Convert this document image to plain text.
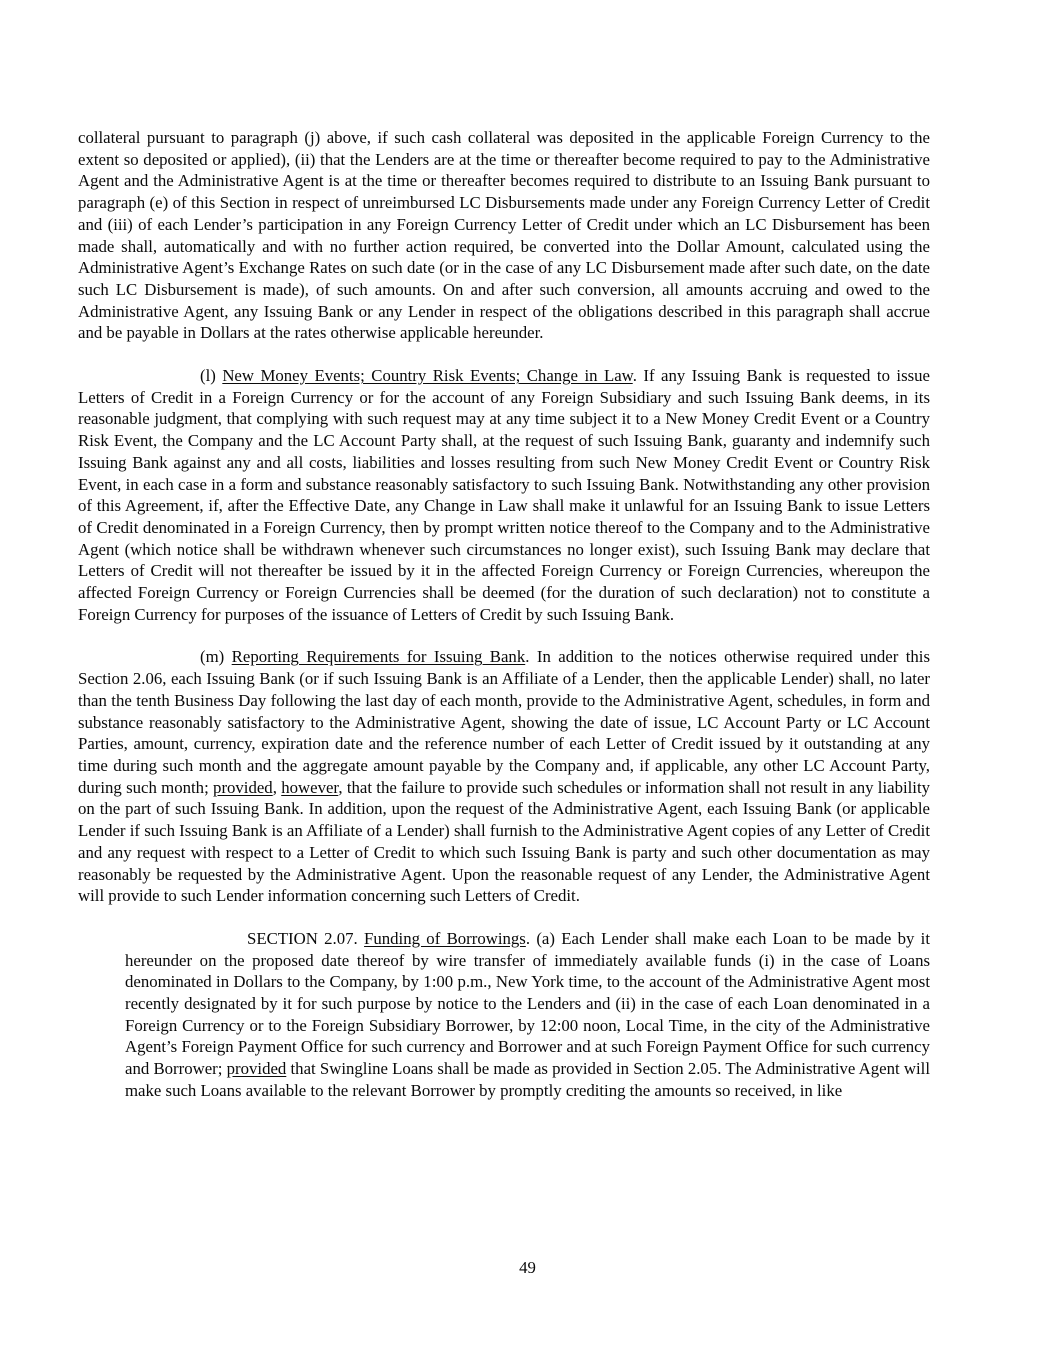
collateral pursuant to paragraph (j) above, if such cash collateral was deposited in the applicable Foreign Currency to the extent so deposited or applied), (ii) that the Lenders are at the time or thereafter become required to pay to the Administrative Agent and the Administrative Agent is at the time or thereafter becomes required to distribute to an Issuing Bank pursuant to paragraph (e) of this Section in respect of unreimbursed LC Disbursements made under any Foreign Currency Letter of Credit and (iii) of each Lender’s participation in any Foreign Currency Letter of Credit under which an LC Disbursement has been made shall, automatically and with no further action required, be converted into the Dollar Amount, calculated using the Administrative Agent’s Exchange Rates on such date (or in the case of any LC Disbursement made after such date, on the date such LC Disbursement is made), of such amounts. On and after such conversion, all amounts accruing and owed to the Administrative Agent, any Issuing Bank or any Lender in respect of the obligations described in this paragraph shall accrue and be payable in Dollars at the rates otherwise applicable hereunder.

(l) New Money Events; Country Risk Events; Change in Law. If any Issuing Bank is requested to issue Letters of Credit in a Foreign Currency or for the account of any Foreign Subsidiary and such Issuing Bank deems, in its reasonable judgment, that complying with such request may at any time subject it to a New Money Credit Event or a Country Risk Event, the Company and the LC Account Party shall, at the request of such Issuing Bank, guaranty and indemnify such Issuing Bank against any and all costs, liabilities and losses resulting from such New Money Credit Event or Country Risk Event, in each case in a form and substance reasonably satisfactory to such Issuing Bank. Notwithstanding any other provision of this Agreement, if, after the Effective Date, any Change in Law shall make it unlawful for an Issuing Bank to issue Letters of Credit denominated in a Foreign Currency, then by prompt written notice thereof to the Company and to the Administrative Agent (which notice shall be withdrawn whenever such circumstances no longer exist), such Issuing Bank may declare that Letters of Credit will not thereafter be issued by it in the affected Foreign Currency or Foreign Currencies, whereupon the affected Foreign Currency or Foreign Currencies shall be deemed (for the duration of such declaration) not to constitute a Foreign Currency for purposes of the issuance of Letters of Credit by such Issuing Bank.

(m) Reporting Requirements for Issuing Bank. In addition to the notices otherwise required under this Section 2.06, each Issuing Bank (or if such Issuing Bank is an Affiliate of a Lender, then the applicable Lender) shall, no later than the tenth Business Day following the last day of each month, provide to the Administrative Agent, schedules, in form and substance reasonably satisfactory to the Administrative Agent, showing the date of issue, LC Account Party or LC Account Parties, amount, currency, expiration date and the reference number of each Letter of Credit issued by it outstanding at any time during such month and the aggregate amount payable by the Company and, if applicable, any other LC Account Party, during such month; provided, however, that the failure to provide such schedules or information shall not result in any liability on the part of such Issuing Bank. In addition, upon the request of the Administrative Agent, each Issuing Bank (or applicable Lender if such Issuing Bank is an Affiliate of a Lender) shall furnish to the Administrative Agent copies of any Letter of Credit and any request with respect to a Letter of Credit to which such Issuing Bank is party and such other documentation as may reasonably be requested by the Administrative Agent. Upon the reasonable request of any Lender, the Administrative Agent will provide to such Lender information concerning such Letters of Credit.

SECTION 2.07. Funding of Borrowings. (a) Each Lender shall make each Loan to be made by it hereunder on the proposed date thereof by wire transfer of immediately available funds (i) in the case of Loans denominated in Dollars to the Company, by 1:00 p.m., New York time, to the account of the Administrative Agent most recently designated by it for such purpose by notice to the Lenders and (ii) in the case of each Loan denominated in a Foreign Currency or to the Foreign Subsidiary Borrower, by 12:00 noon, Local Time, in the city of the Administrative Agent’s Foreign Payment Office for such currency and Borrower and at such Foreign Payment Office for such currency and Borrower; provided that Swingline Loans shall be made as provided in Section 2.05. The Administrative Agent will make such Loans available to the relevant Borrower by promptly crediting the amounts so received, in like

49
